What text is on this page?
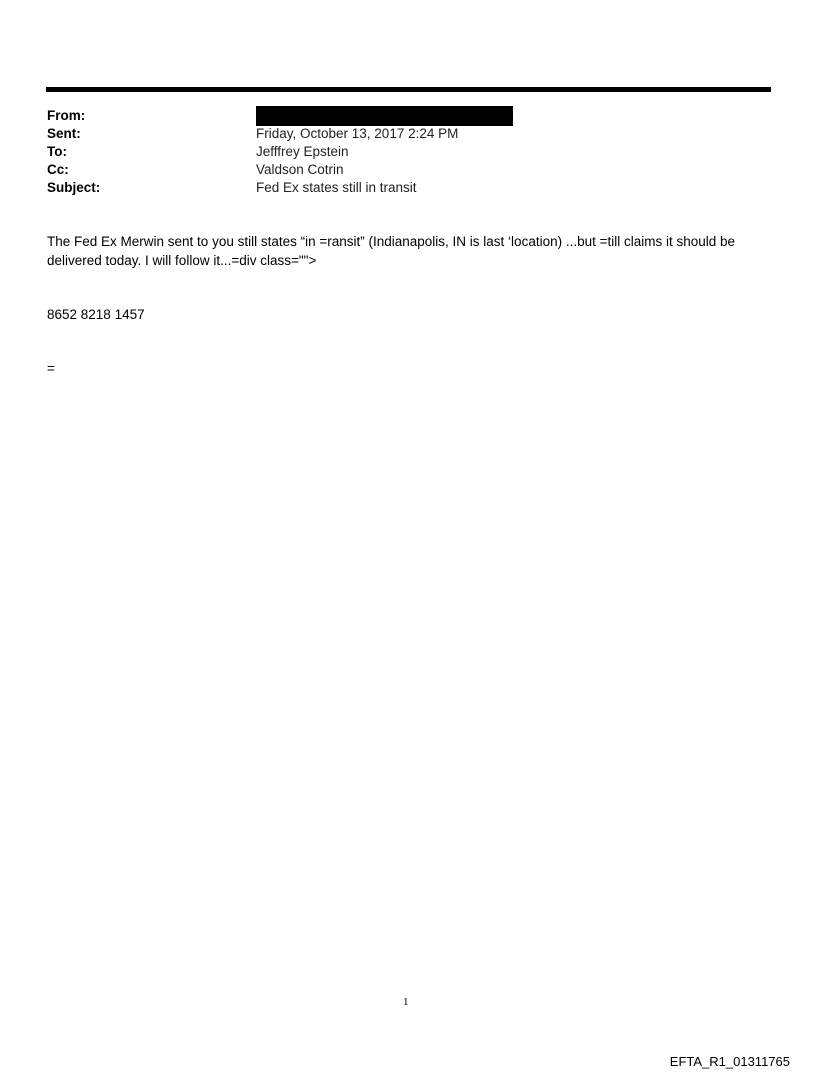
From:
Sent:	Friday, October 13, 2017 2:24 PM
To:	Jefffrey Epstein
Cc:	Valdson Cotrin
Subject:	Fed Ex states still in transit
The Fed Ex Merwin sent to you still states “in =ransit” (Indianapolis, IN is last ‘location) ...but =till claims it should be delivered today. I will follow it...=div class="">
8652 8218 1457
=
1
EFTA_R1_01311765
